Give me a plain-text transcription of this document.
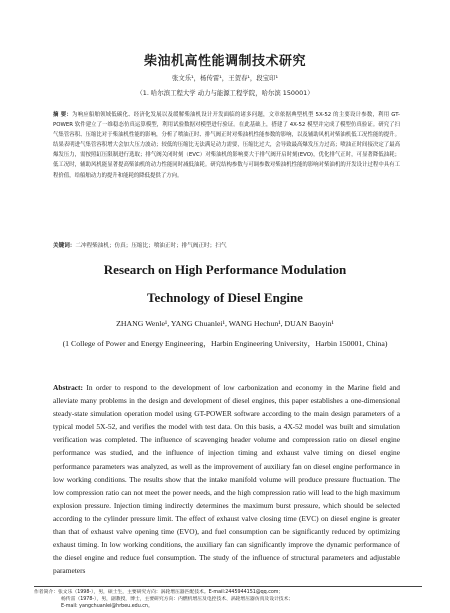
柴油机高性能调制技术研究
张文乐¹，杨传雷¹，王贺春¹，段宝印¹
（1. 哈尔滨工程大学 动力与能源工程学院，哈尔滨 150001）
摘 要：为响应船舶领域低碳化、经济化发展以及缓解柴油机设计开发面临的诸多问题，文章依据典型机型 5X-52 的主要设计参数，利用 GT-POWER 软件建立了一维稳态仿真运算模型，利用试验数据对模型进行验证。在此基础上，搭建了 4X-52 模型并完成了模型仿真验证。研究了扫气集管容积、压缩比对于柴油机性能的影响，分析了喷油正时、排气阀正时对柴油机性能参数的影响，以及辅助风机对柴油机低工况性能的提升。结果表明进气集管容积增大会加大压力波动；较低的压缩比无法满足动力需要，压缩比过大，会导致最高爆发压力过高；喷油正时间接决定了最高爆发压力，需按照缸压限制进行选取；排气阀关闭时刻（EVC）对柴油机的影响要大于排气阀开启时刻(EVO)，优化排气正时，可显著降低油耗；低工况时，辅助风机能显著提高柴油机的动力性能同时减低油耗。研究结构参数与可调参数对柴油机性能的影响对柴油机的开发设计过程中具有工程价值，给船舶动力的提升和能耗的降低提供了方向。
关键词：二冲程柴油机；仿真；压缩比；喷油正时；排气阀正时；扫气
Research on High Performance Modulation
Technology of Diesel Engine
ZHANG Wenle¹, YANG Chuanlei¹, WANG Hechun¹, DUAN Baoyin¹
(1 College of Power and Energy Engineering，Harbin Engineering University，Harbin 150001, China)
Abstract: In order to respond to the development of low carbonization and economy in the Marine field and alleviate many problems in the design and development of diesel engines, this paper establishes a one-dimensional steady-state simulation operation model using GT-POWER software according to the main design parameters of a typical model 5X-52, and verifies the model with test data. On this basis, a 4X-52 model was built and simulation verification was completed. The influence of scavenging header volume and compression ratio on diesel engine performance was studied, and the influence of injection timing and exhaust valve timing on diesel engine performance parameters was analyzed, as well as the improvement of auxiliary fan on diesel engine performance in low working conditions. The results show that the intake manifold volume will produce pressure fluctuation. The low compression ratio can not meet the power needs, and the high compression ratio will lead to the high maximum explosion pressure. Injection timing indirectly determines the maximum burst pressure, which should be selected according to the cylinder pressure limit. The effect of exhaust valve closing time (EVC) on diesel engine is greater than that of exhaust valve opening time (EVO), and fuel consumption can be significantly reduced by optimizing exhaust timing. In low working conditions, the auxiliary fan can significantly improve the dynamic performance of the diesel engine and reduce fuel consumption. The study of the influence of structural parameters and adjustable parameters
作者简介：张文乐（1998-），男，硕士生，主要研究方向：涡轮增压器匹配技术。E-mail:2445944151@qq.com；
杨传雷（1978-），男，副教授，博士，主要研究方向：内燃机增压及电控技术、涡轮增压器仿真及设计技术；
E-mail: yangchuanlei@hrbeu.edu.cn。
